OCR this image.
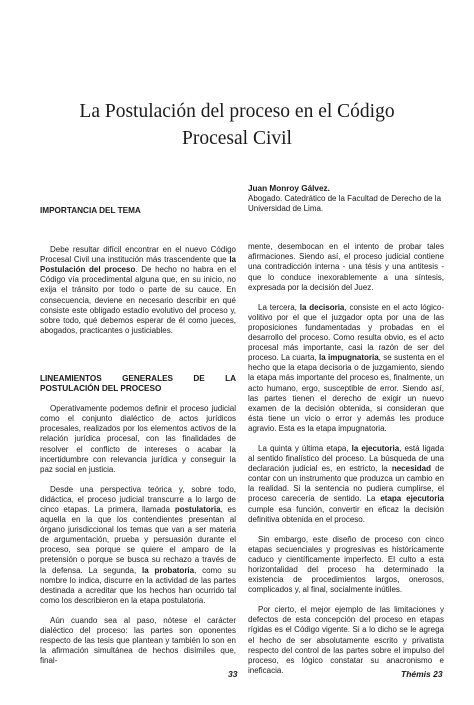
La Postulación del proceso en el Código
Procesal Civil
IMPORTANCIA DEL TEMA

Debe resultar difícil encontrar en el nuevo Código Procesal Civil una institución más trascendente que la Postulación del proceso. De hecho no habra en el Código vía procedimental alguna que, en su inicio, no exija el tránsito por todo o parte de su cauce. En consecuencia, deviene en necesario describir en qué consiste este obligado estadío evolutivo del proceso y, sobre todo, qué debemos esperar de él como jueces, abogados, practicantes o justiciables.

LINEAMIENTOS GENERALES DE LA
POSTULACIÓN DEL PROCESO

Operativamente podemos definir el proceso judicial como el conjunto dialéctico de actos jurídicos procesales, realizados por los elementos activos de la relación jurídica procesal, con las finalidades de resolver el conflicto de intereses o acabar la incertidumbre con relevancia jurídica y conseguir la paz social en justicia.

Desde una perspectiva teórica y, sobre todo, didáctica, el proceso judicial transcurre a lo largo de cinco etapas. La primera, llamada postulatoria, es aquella en la que los contendientes presentan al órgano jurisdiccional los temas que van a ser materia de argumentación, prueba y persuasión durante el proceso, sea porque se quiere el amparo de la pretensión o porque se busca su rechazo a través de la defensa. La segunda, la probatoria, como su nombre lo indica, discurre en la actividad de las partes destinada a acreditar que los hechos han ocurrido tal como los describieron en la etapa postulatoria.

Aún cuando sea al paso, nótese el carácter dialéctico del proceso: las partes son oponentes respecto de las tesis que plantean y también lo son en la afirmación simultánea de hechos disímiles que, final-

Juan Monroy Gálvez.
Abogado. Catedrático de la Facultad de Derecho de la Universidad de Lima.

mente, desembocan en el intento de probar tales afirmaciones. Siendo así, el proceso judicial contiene una contradicción interna - una tésis y una antitesis - que lo conduce inexorablemente a una síntesis, expresada por la decisión del Juez.

La tercera, la decisoria, consiste en el acto lógico-volitivo por el que el juzgador opta por una de las proposiciones fundamentadas y probadas en el desarrollo del proceso. Como resulta obvio, es el acto procesal más importante, casi la razón de ser del proceso. La cuarta, la impugnatoria, se sustenta en el hecho que la etapa decisoria o de juzgamiento, siendo la etapa más importante del proceso es, finalmente, un acto humano, ergo, susceptible de error. Siendo así, las partes tienen el derecho de exigir un nuevo examen de la decisión obtenida, si consideran que ésta tiene un vicio o error y además les produce agravio. Esta es la etapa impugnatoria.

La quinta y última etapa, la ejecutoria, está ligada al sentido finalístico del proceso. La búsqueda de una declaración judicial es, en estricto, la necesidad de contar con un instrumento que produzca un cambio en la realidad. Si la sentencia no pudiera cumplirse, el proceso carecería de sentido. La etapa ejecutoria cumple esa función, convertir en eficaz la decisión definitiva obtenida en el proceso.

Sin embargo, este diseño de proceso con cinco etapas secuenciales y progresivas es históricamente caduco y científicamente imperfecto. El culto a esta horizontalidad del proceso ha determinado la existencia de procedimientos largos, onerosos, complicados y, al final, socialmente inútiles.

Por cierto, el mejor ejemplo de las limitaciones y defectos de esta concepción del proceso en etapas rígidas es el Código vigente. Si a lo dicho se le agrega el hecho de ser absolutamente escrito y privatista respecto del control de las partes sobre el impulso del proceso, es lógico constatar su anacronismo e ineficacia.

33	Thémis 23
